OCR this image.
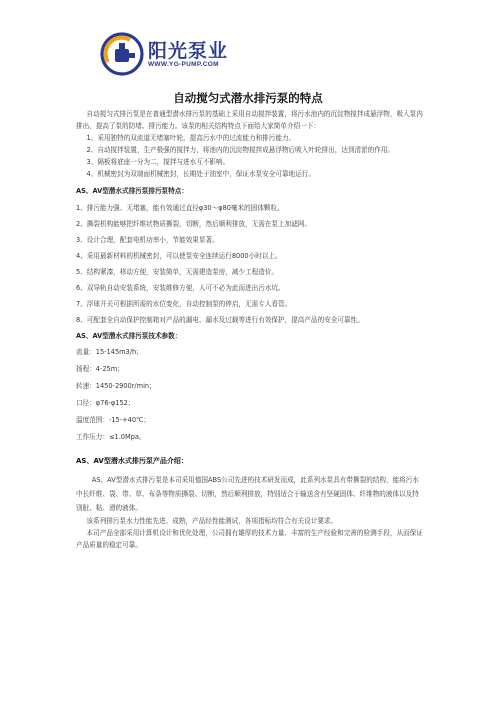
阳光泵业
WWW.YG-PUMP.COM
自动搅匀式潜水排污泵的特点

自动搅匀式排污泵是在普通型潜水排污泵的基础上采用自动搅拌装置，将污水池内的沉淀物搅拌成悬浮物，吸入泵内排出，提高了泵的防堵、排污能力。该泵的相关结构特点下面给大家简单介绍一下：

1、采用独特的双流道无堵塞叶轮，提高污水中的过流能力和排污能力。

2、自动搅拌装置，生产极强的搅拌力，将池内的沉淀物搅拌成悬浮物后吸入叶轮排出，达到清淤的作用。

3、隔板将底座一分为二，搅拌与进水互不影响。

4、机械密封为双端面机械密封，长期处于油室中，保证水泵安全可靠地运行。

AS、AV型潜水式排污泵排污泵特点：

1、排污能力强、无堵塞，能有效通过直径φ30～φ80毫米的固体颗粒。

2、撕裂机构能够把纤维状物质撕裂，切断，然后顺利排放，无需在泵上加滤网。

3、设计合理，配套电机功率小，节能效果显著。

4、采用最新材料的机械密封，可以使泵安全连续运行8000小时以上。

5、结构紧凑，移动方便，安装简单，无需建造泵房，减少工程造价。

6、双导轨自动安装系统，安装维修方便，人可不必为此而进出污水坑。

7、浮球开关可根据所需的水位变化，自动控制泵的停启，无需专人看管。

8、可配套全自动保护控制箱对产品的漏电、漏水及过载等进行有效保护，提高产品的安全可靠性。

AS、AV型潜水式排污泵技术参数：

流量：15-145m3/h；

扬程：4-25m；

转速：1450-2900r/min；

口径：φ76-φ152；

温度范围：-15-+40℃；

工作压力：≤1.0Mpa。

AS、AV型潜水式排污泵产品介绍：

AS、AV型潜水式排污泵是本司采用德国ABS公司先进的技术研发而成，此系列水泵具有带撕裂的结构，能将污水中长纤维、袋、带、草、布条等物质撕裂、切断，然后顺利排放，特别适合于输送含有坚硬固体、纤维物的液体以及特别脏、粘、滑的液体。

该系列排污泵水力性能先进、成熟，产品经性能测试，各项指标均符合有关设计要求。

本司产品全部采用计算机设计和优化处理，公司拥有雄厚的技术力量、丰富的生产经验和完善的检测手段，从而保证产品质量的稳定可靠。
